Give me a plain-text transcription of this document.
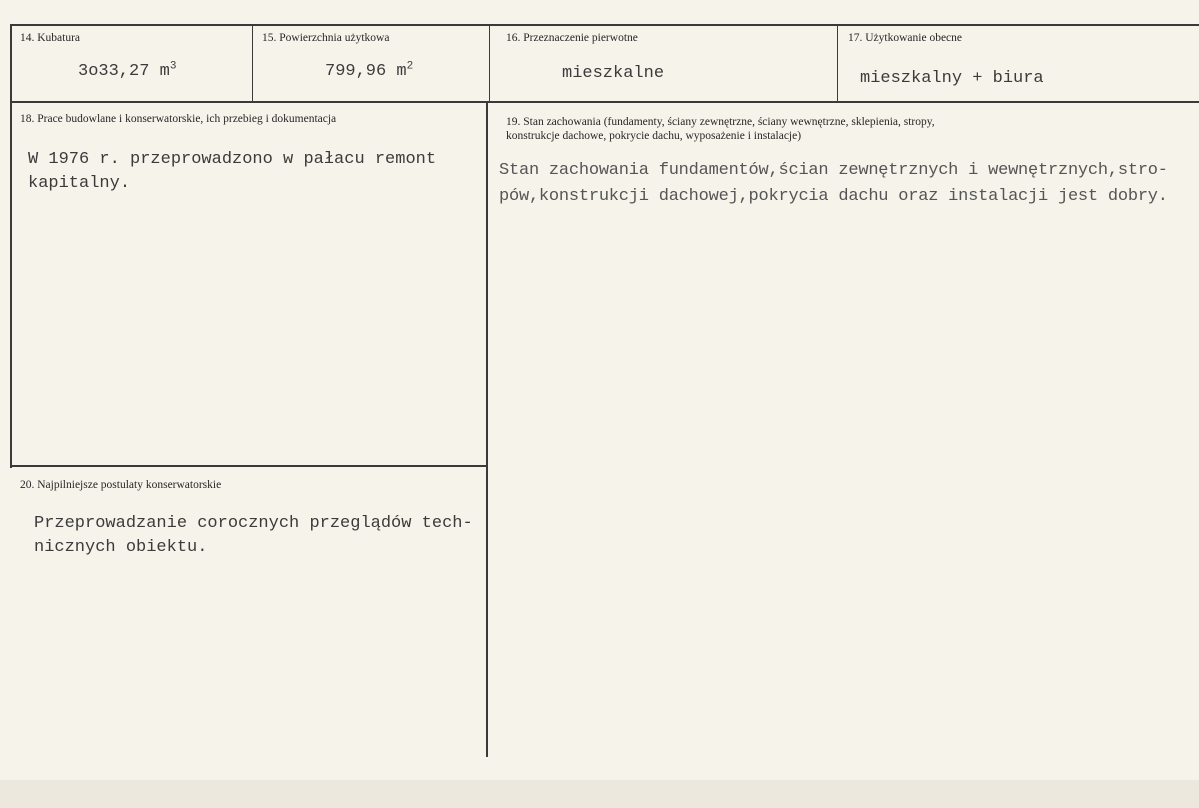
14. Kubatura
3o33,27 $m^3$
15. Powierzchnia użytkowa
799,96 $m^2$
16. Przeznaczenie pierwotne
mieszkalne
17. Użytkowanie obecne
mieszkalny + biura
18. Prace budowlane i konserwatorskie, ich przebieg i dokumentacja
W 1976 r. przeprowadzono w pałacu remont
kapitalny.
19. Stan zachowania (fundamenty, ściany zewnętrzne, ściany wewnętrzne, sklepienia, stropy,
konstrukcje dachowe, pokrycie dachu, wyposażenie i instalacje)
Stan zachowania fundamentów,ścian zewnętrznych i wewnętrznych,stro-
pów,konstrukcji dachowej,pokrycia dachu oraz instalacji jest dobry.
20. Najpilniejsze postulaty konserwatorskie
Przeprowadzanie corocznych przeglądów tech-
nicznych obiektu.
